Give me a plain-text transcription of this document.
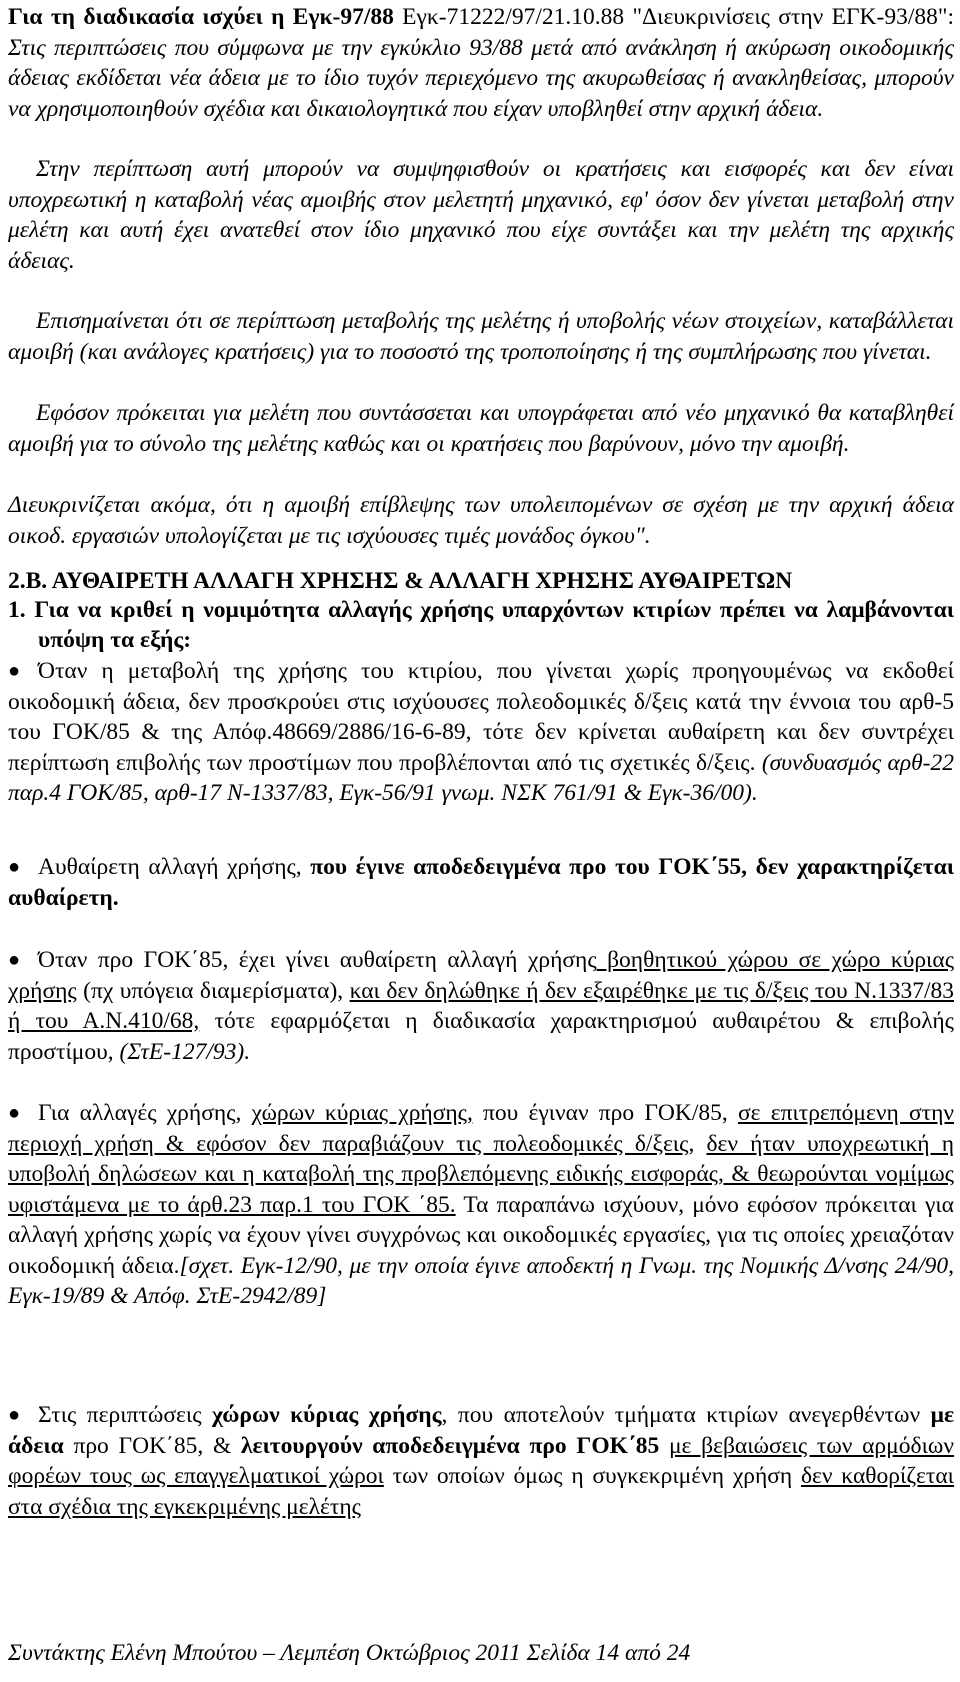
Για τη διαδικασία ισχύει η Εγκ-97/88 Εγκ-71222/97/21.10.88 "Διευκρινίσεις στην ΕΓΚ-93/88": Στις περιπτώσεις που σύμφωνα με την εγκύκλιο 93/88 μετά από ανάκληση ή ακύρωση οικοδομικής άδειας εκδίδεται νέα άδεια με το ίδιο τυχόν περιεχόμενο της ακυρωθείσας ή ανακληθείσας, μπορούν να χρησιμοποιηθούν σχέδια και δικαιολογητικά που είχαν υποβληθεί στην αρχική άδεια.

Στην περίπτωση αυτή μπορούν να συμψηφισθούν οι κρατήσεις και εισφορές και δεν είναι υποχρεωτική η καταβολή νέας αμοιβής στον μελετητή μηχανικό, εφ' όσον δεν γίνεται μεταβολή στην μελέτη και αυτή έχει ανατεθεί στον ίδιο μηχανικό που είχε συντάξει και την μελέτη της αρχικής άδειας.

Επισημαίνεται ότι σε περίπτωση μεταβολής της μελέτης ή υποβολής νέων στοιχείων, καταβάλλεται αμοιβή (και ανάλογες κρατήσεις) για το ποσοστό της τροποποίησης ή της συμπλήρωσης που γίνεται.

Εφόσον πρόκειται για μελέτη που συντάσσεται και υπογράφεται από νέο μηχανικό θα καταβληθεί αμοιβή για το σύνολο της μελέτης καθώς και οι κρατήσεις που βαρύνουν, μόνο την αμοιβή.

Διευκρινίζεται ακόμα, ότι η αμοιβή επίβλεψης των υπολειπομένων σε σχέση με την αρχική άδεια οικοδ. εργασιών υπολογίζεται με τις ισχύουσες τιμές μονάδος όγκου".

2.Β. ΑΥΘΑΙΡΕΤΗ ΑΛΛΑΓΗ ΧΡΗΣΗΣ & ΑΛΛΑΓΗ ΧΡΗΣΗΣ ΑΥΘΑΙΡΕΤΩΝ
1. Για να κριθεί η νομιμότητα αλλαγής χρήσης υπαρχόντων κτιρίων πρέπει να λαμβάνονται υπόψη τα εξής:
● Όταν η μεταβολή της χρήσης του κτιρίου, που γίνεται χωρίς προηγουμένως να εκδοθεί οικοδομική άδεια, δεν προσκρούει στις ισχύουσες πολεοδομικές δ/ξεις κατά την έννοια του αρθ-5 του ΓΟΚ/85 & της Απόφ.48669/2886/16-6-89, τότε δεν κρίνεται αυθαίρετη και δεν συντρέχει περίπτωση επιβολής των προστίμων που προβλέπονται από τις σχετικές δ/ξεις. (συνδυασμός αρθ-22 παρ.4 ΓΟΚ/85, αρθ-17 Ν-1337/83, Εγκ-56/91 γνωμ. ΝΣΚ 761/91 & Εγκ-36/00).
● Αυθαίρετη αλλαγή χρήσης, που έγινε αποδεδειγμένα προ του ΓΟΚ΄55, δεν χαρακτηρίζεται αυθαίρετη.
● Όταν προ ΓΟΚ΄85, έχει γίνει αυθαίρετη αλλαγή χρήσης βοηθητικού χώρου σε χώρο κύριας χρήσης (πχ υπόγεια διαμερίσματα), και δεν δηλώθηκε ή δεν εξαιρέθηκε με τις δ/ξεις του Ν.1337/83 ή του Α.Ν.410/68, τότε εφαρμόζεται η διαδικασία χαρακτηρισμού αυθαιρέτου & επιβολής προστίμου, (ΣτΕ-127/93).
● Για αλλαγές χρήσης, χώρων κύριας χρήσης, που έγιναν προ ΓΟΚ/85, σε επιτρεπόμενη στην περιοχή χρήση & εφόσον δεν παραβιάζουν τις πολεοδομικές δ/ξεις, δεν ήταν υποχρεωτική η υποβολή δηλώσεων και η καταβολή της προβλεπόμενης ειδικής εισφοράς, & θεωρούνται νομίμως υφιστάμενα με το άρθ.23 παρ.1 του ΓΟΚ ΄85. Τα παραπάνω ισχύουν, μόνο εφόσον πρόκειται για αλλαγή χρήσης χωρίς να έχουν γίνει συγχρόνως και οικοδομικές εργασίες, για τις οποίες χρειαζόταν οικοδομική άδεια.[σχετ. Εγκ-12/90, με την οποία έγινε αποδεκτή η Γνωμ. της Νομικής Δ/νσης 24/90, Εγκ-19/89 & Απόφ. ΣτΕ-2942/89]
● Στις περιπτώσεις χώρων κύριας χρήσης, που αποτελούν τμήματα κτιρίων ανεγερθέντων με άδεια προ ΓΟΚ΄85, & λειτουργούν αποδεδειγμένα προ ΓΟΚ΄85 με βεβαιώσεις των αρμόδιων φορέων τους ως επαγγελματικοί χώροι των οποίων όμως η συγκεκριμένη χρήση δεν καθορίζεται στα σχέδια της εγκεκριμένης μελέτης
Συντάκτης Ελένη Μπούτου – Λεμπέση Οκτώβριος 2011 Σελίδα 14 από 24
